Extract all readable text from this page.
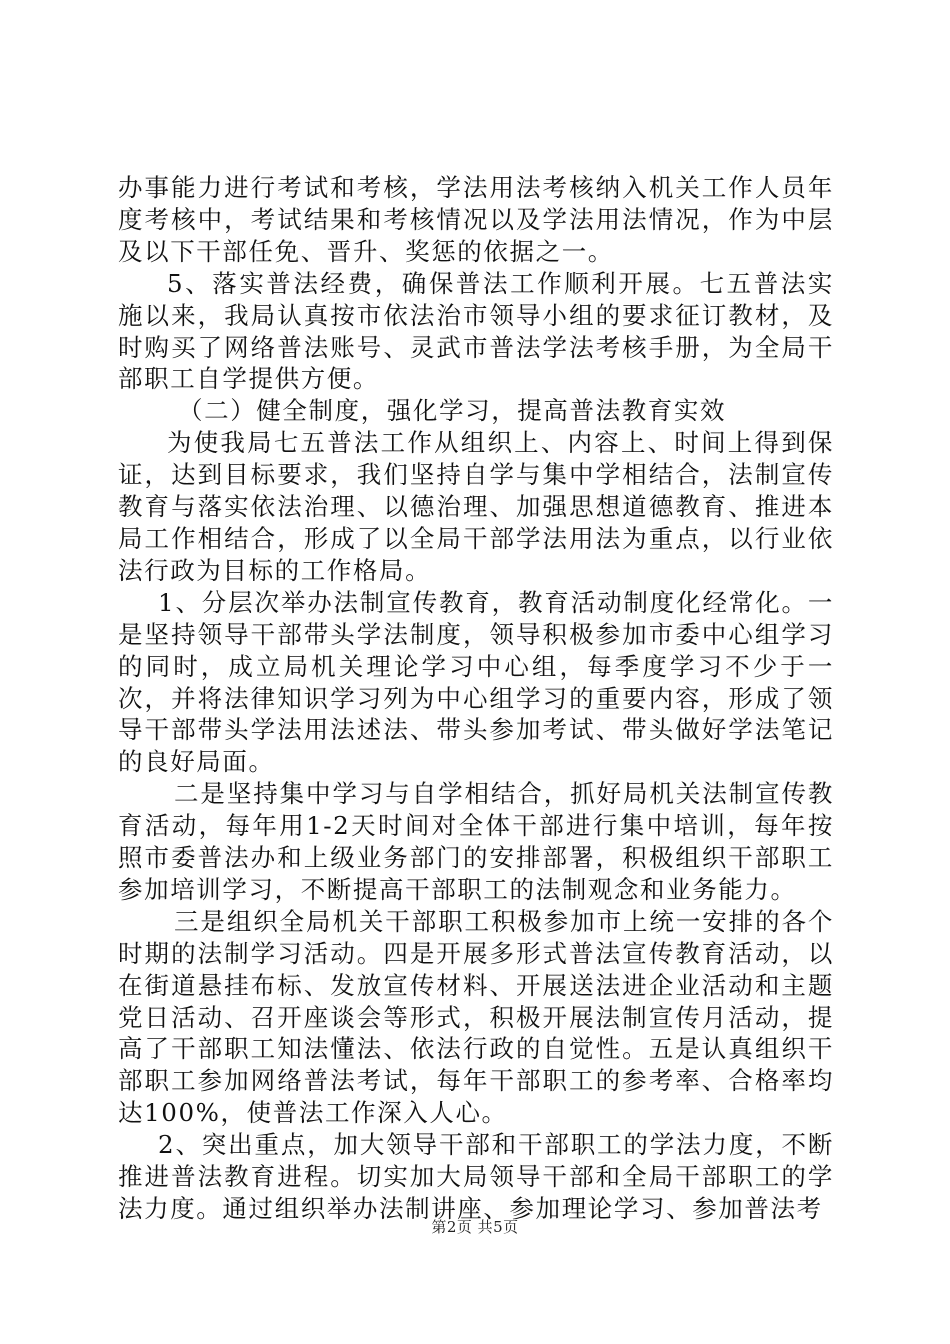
办事能力进行考试和考核，学法用法考核纳入机关工作人员年度考核中，考试结果和考核情况以及学法用法情况，作为中层及以下干部任免、晋升、奖惩的依据之一。

5、落实普法经费，确保普法工作顺利开展。七五普法实施以来，我局认真按市依法治市领导小组的要求征订教材，及时购买了网络普法账号、灵武市普法学法考核手册，为全局干部职工自学提供方便。

（二）健全制度，强化学习，提高普法教育实效

为使我局七五普法工作从组织上、内容上、时间上得到保证，达到目标要求，我们坚持自学与集中学相结合，法制宣传教育与落实依法治理、以德治理、加强思想道德教育、推进本局工作相结合，形成了以全局干部学法用法为重点，以行业依法行政为目标的工作格局。

1、分层次举办法制宣传教育，教育活动制度化经常化。一是坚持领导干部带头学法制度，领导积极参加市委中心组学习的同时，成立局机关理论学习中心组，每季度学习不少于一次，并将法律知识学习列为中心组学习的重要内容，形成了领导干部带头学法用法述法、带头参加考试、带头做好学法笔记的良好局面。

二是坚持集中学习与自学相结合，抓好局机关法制宣传教育活动，每年用1-2天时间对全体干部进行集中培训，每年按照市委普法办和上级业务部门的安排部署，积极组织干部职工参加培训学习，不断提高干部职工的法制观念和业务能力。

三是组织全局机关干部职工积极参加市上统一安排的各个时期的法制学习活动。四是开展多形式普法宣传教育活动，以在街道悬挂布标、发放宣传材料、开展送法进企业活动和主题党日活动、召开座谈会等形式，积极开展法制宣传月活动，提高了干部职工知法懂法、依法行政的自觉性。五是认真组织干部职工参加网络普法考试，每年干部职工的参考率、合格率均达100%，使普法工作深入人心。

2、突出重点，加大领导干部和干部职工的学法力度，不断推进普法教育进程。切实加大局领导干部和全局干部职工的学法力度。通过组织举办法制讲座、参加理论学习、参加普法考

第2页 共5页
